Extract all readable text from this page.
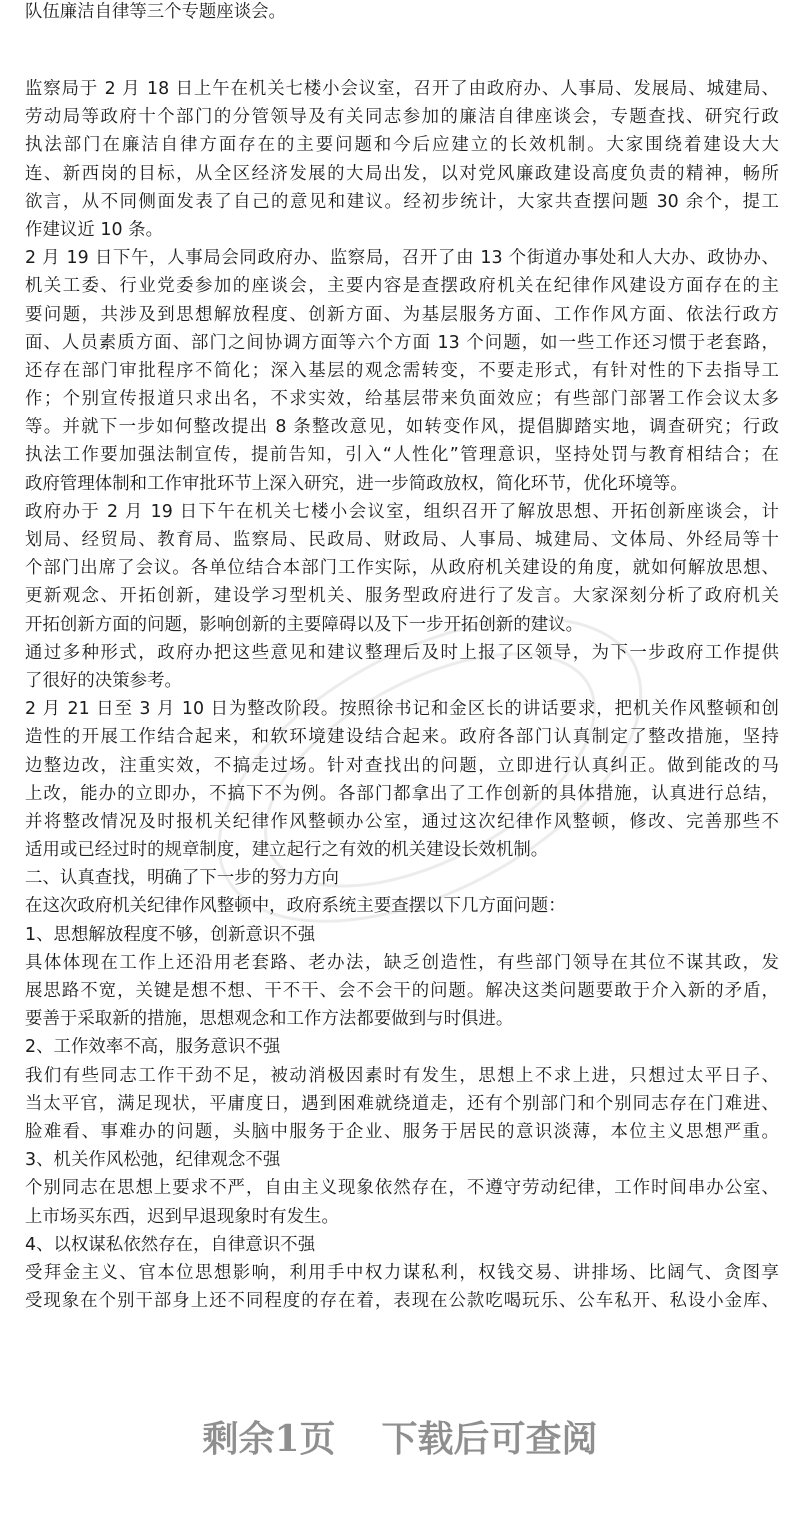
队伍廉洁自律等三个专题座谈会。
监察局于 2 月 18 日上午在机关七楼小会议室，召开了由政府办、人事局、发展局、城建局、
劳动局等政府十个部门的分管领导及有关同志参加的廉洁自律座谈会，专题查找、研究行政
执法部门在廉洁自律方面存在的主要问题和今后应建立的长效机制。大家围绕着建设大大
连、新西岗的目标，从全区经济发展的大局出发，以对党风廉政建设高度负责的精神，畅所
欲言，从不同侧面发表了自己的意见和建议。经初步统计，大家共查摆问题 30 余个，提工
作建议近 10 条。
2 月 19 日下午，人事局会同政府办、监察局，召开了由 13 个街道办事处和人大办、政协办、
机关工委、行业党委参加的座谈会，主要内容是查摆政府机关在纪律作风建设方面存在的主
要问题，共涉及到思想解放程度、创新方面、为基层服务方面、工作作风方面、依法行政方
面、人员素质方面、部门之间协调方面等六个方面 13 个问题，如一些工作还习惯于老套路，
还存在部门审批程序不简化；深入基层的观念需转变，不要走形式，有针对性的下去指导工
作；个别宣传报道只求出名，不求实效，给基层带来负面效应；有些部门部署工作会议太多
等。并就下一步如何整改提出 8 条整改意见，如转变作风，提倡脚踏实地，调查研究；行政
执法工作要加强法制宣传，提前告知，引入“人性化”管理意识，坚持处罚与教育相结合；在
政府管理体制和工作审批环节上深入研究，进一步简政放权，简化环节，优化环境等。
政府办于 2 月 19 日下午在机关七楼小会议室，组织召开了解放思想、开拓创新座谈会，计
划局、经贸局、教育局、监察局、民政局、财政局、人事局、城建局、文体局、外经局等十
个部门出席了会议。各单位结合本部门工作实际，从政府机关建设的角度，就如何解放思想、
更新观念、开拓创新，建设学习型机关、服务型政府进行了发言。大家深刻分析了政府机关
开拓创新方面的问题，影响创新的主要障碍以及下一步开拓创新的建议。
通过多种形式，政府办把这些意见和建议整理后及时上报了区领导，为下一步政府工作提供
了很好的决策参考。
2 月 21 日至 3 月 10 日为整改阶段。按照徐书记和金区长的讲话要求，把机关作风整顿和创
造性的开展工作结合起来，和软环境建设结合起来。政府各部门认真制定了整改措施，坚持
边整边改，注重实效，不搞走过场。针对查找出的问题，立即进行认真纠正。做到能改的马
上改，能办的立即办，不搞下不为例。各部门都拿出了工作创新的具体措施，认真进行总结，
并将整改情况及时报机关纪律作风整顿办公室，通过这次纪律作风整顿，修改、完善那些不
适用或已经过时的规章制度，建立起行之有效的机关建设长效机制。
二、认真查找，明确了下一步的努力方向
在这次政府机关纪律作风整顿中，政府系统主要查摆以下几方面问题：
1、思想解放程度不够，创新意识不强
具体体现在工作上还沿用老套路、老办法，缺乏创造性，有些部门领导在其位不谋其政，发
展思路不宽，关键是想不想、干不干、会不会干的问题。解决这类问题要敢于介入新的矛盾，
要善于采取新的措施，思想观念和工作方法都要做到与时俱进。
2、工作效率不高，服务意识不强
我们有些同志工作干劲不足，被动消极因素时有发生，思想上不求上进，只想过太平日子、
当太平官，满足现状，平庸度日，遇到困难就绕道走，还有个别部门和个别同志存在门难进、
脸难看、事难办的问题，头脑中服务于企业、服务于居民的意识淡薄，本位主义思想严重。
3、机关作风松弛，纪律观念不强
个别同志在思想上要求不严，自由主义现象依然存在，不遵守劳动纪律，工作时间串办公室、
上市场买东西，迟到早退现象时有发生。
4、以权谋私依然存在，自律意识不强
受拜金主义、官本位思想影响，利用手中权力谋私利，权钱交易、讲排场、比阔气、贪图享
受现象在个别干部身上还不同程度的存在着，表现在公款吃喝玩乐、公车私开、私设小金库、
剩余1页 下载后可查阅
